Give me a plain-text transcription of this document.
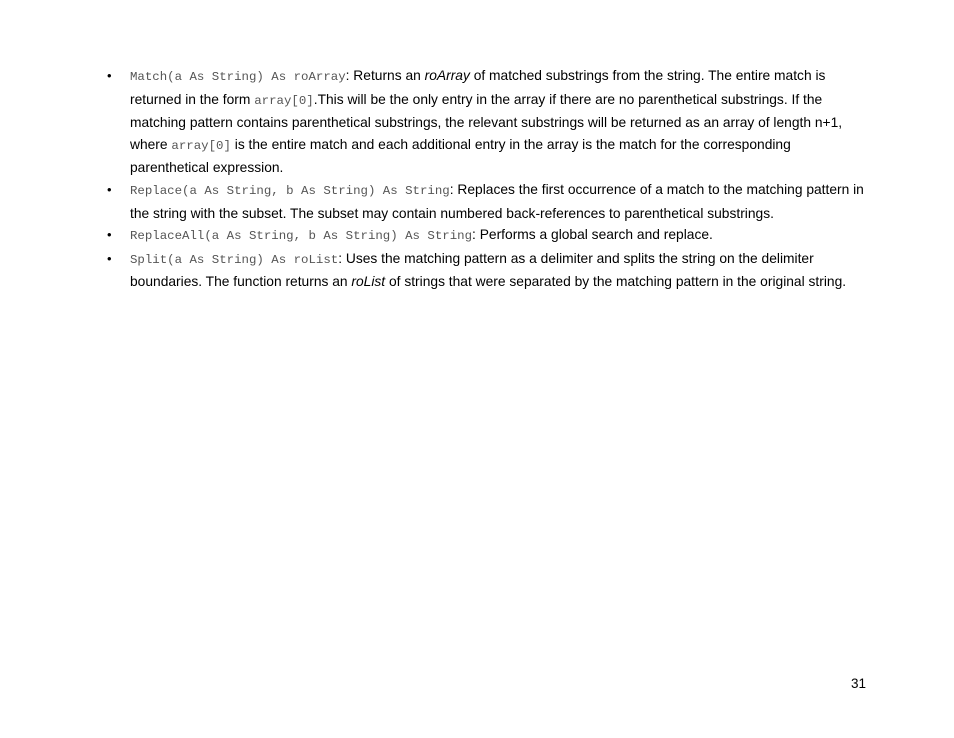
• Match(a As String) As roArray: Returns an roArray of matched substrings from the string. The entire match is returned in the form array[0].This will be the only entry in the array if there are no parenthetical substrings. If the matching pattern contains parenthetical substrings, the relevant substrings will be returned as an array of length n+1, where array[0] is the entire match and each additional entry in the array is the match for the corresponding parenthetical expression.
• Replace(a As String, b As String) As String: Replaces the first occurrence of a match to the matching pattern in the string with the subset. The subset may contain numbered back-references to parenthetical substrings.
• ReplaceAll(a As String, b As String) As String: Performs a global search and replace.
• Split(a As String) As roList: Uses the matching pattern as a delimiter and splits the string on the delimiter boundaries. The function returns an roList of strings that were separated by the matching pattern in the original string.
31
